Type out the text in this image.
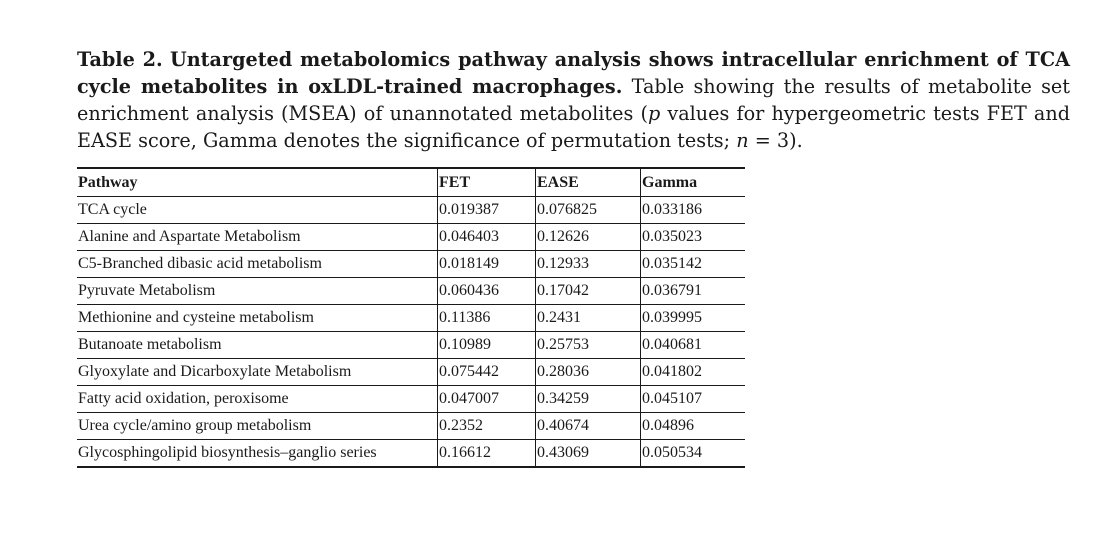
Table 2. Untargeted metabolomics pathway analysis shows intracellular enrichment of TCA cycle metabolites in oxLDL-trained macrophages. Table showing the results of metabolite set enrichment analysis (MSEA) of unannotated metabolites (p values for hypergeometric tests FET and EASE score, Gamma denotes the significance of permutation tests; n = 3).
Pathway	FET	EASE	Gamma
TCA cycle	0.019387	0.076825	0.033186
Alanine and Aspartate Metabolism	0.046403	0.12626	0.035023
C5-Branched dibasic acid metabolism	0.018149	0.12933	0.035142
Pyruvate Metabolism	0.060436	0.17042	0.036791
Methionine and cysteine metabolism	0.11386	0.2431	0.039995
Butanoate metabolism	0.10989	0.25753	0.040681
Glyoxylate and Dicarboxylate Metabolism	0.075442	0.28036	0.041802
Fatty acid oxidation, peroxisome	0.047007	0.34259	0.045107
Urea cycle/amino group metabolism	0.2352	0.40674	0.04896
Glycosphingolipid biosynthesis–ganglio series	0.16612	0.43069	0.050534
